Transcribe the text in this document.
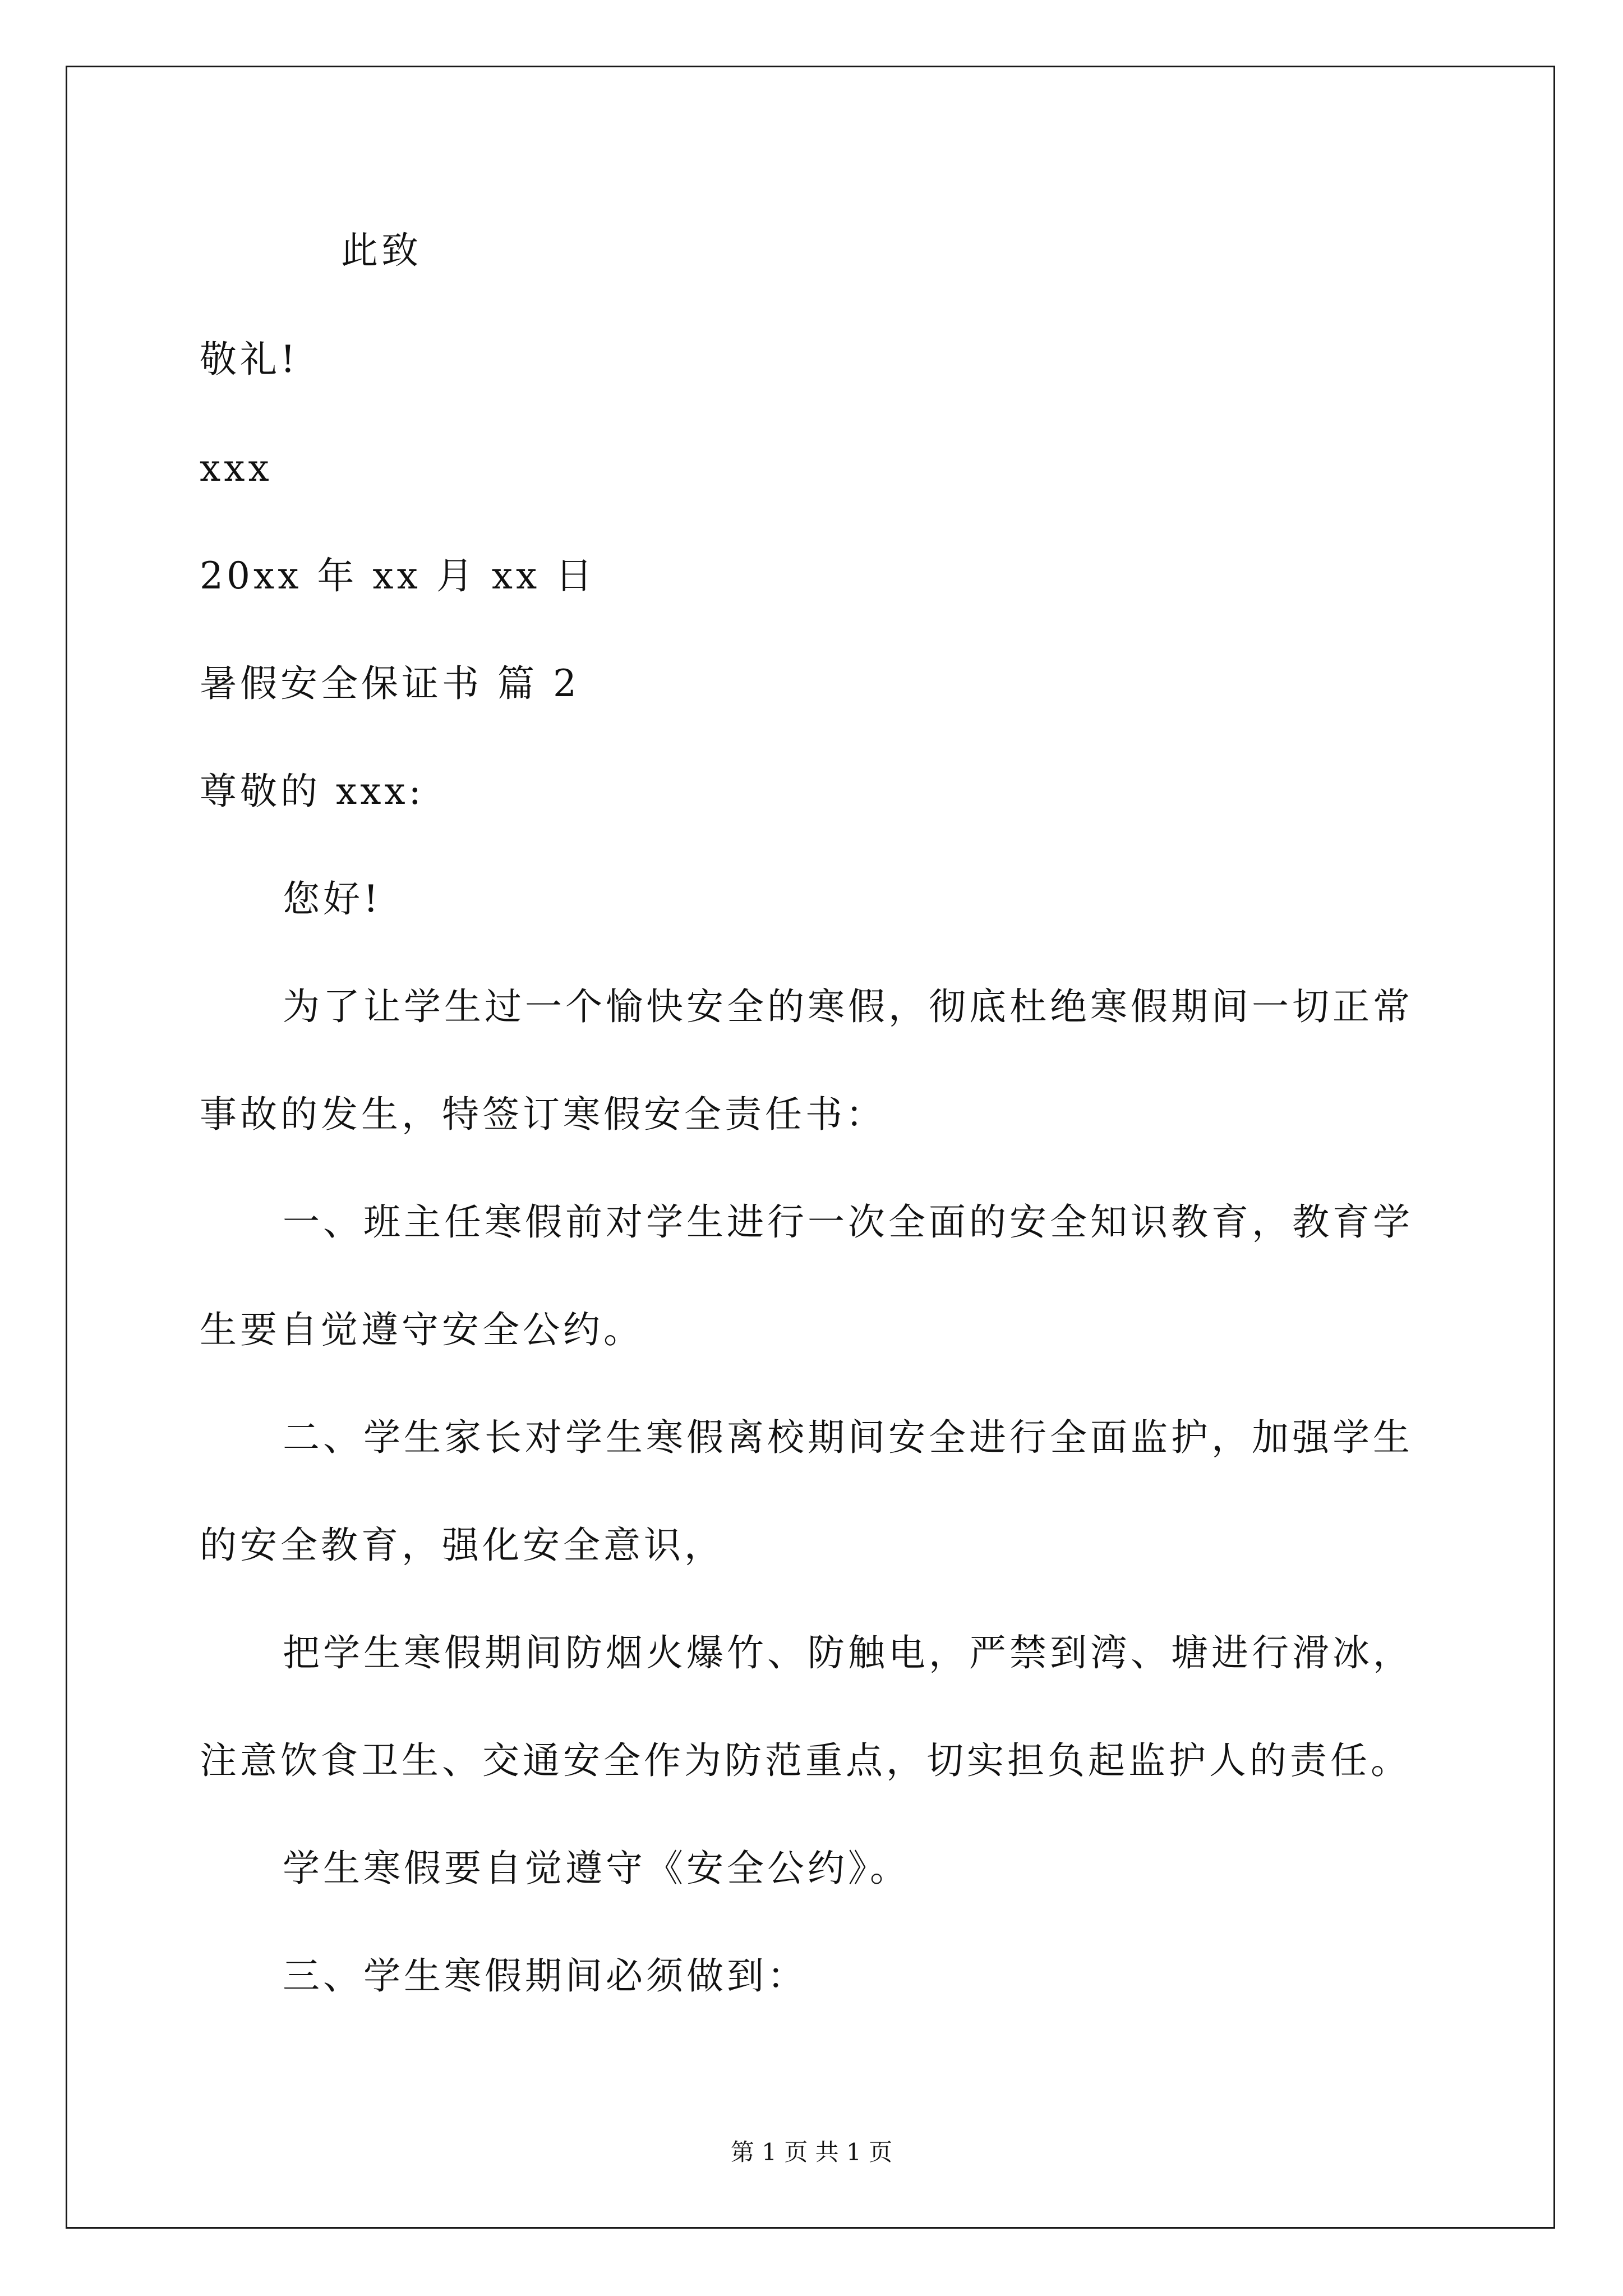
此致
敬礼!
xxx
20xx 年 xx 月 xx 日
暑假安全保证书 篇 2
尊敬的 xxx:
您好!
为了让学生过一个愉快安全的寒假，彻底杜绝寒假期间一切正常
事故的发生，特签订寒假安全责任书：
一、班主任寒假前对学生进行一次全面的安全知识教育，教育学
生要自觉遵守安全公约。
二、学生家长对学生寒假离校期间安全进行全面监护，加强学生
的安全教育，强化安全意识，
把学生寒假期间防烟火爆竹、防触电，严禁到湾、塘进行滑冰，
注意饮食卫生、交通安全作为防范重点，切实担负起监护人的责任。
学生寒假要自觉遵守《安全公约》。
三、学生寒假期间必须做到：
第 1 页 共 1 页
